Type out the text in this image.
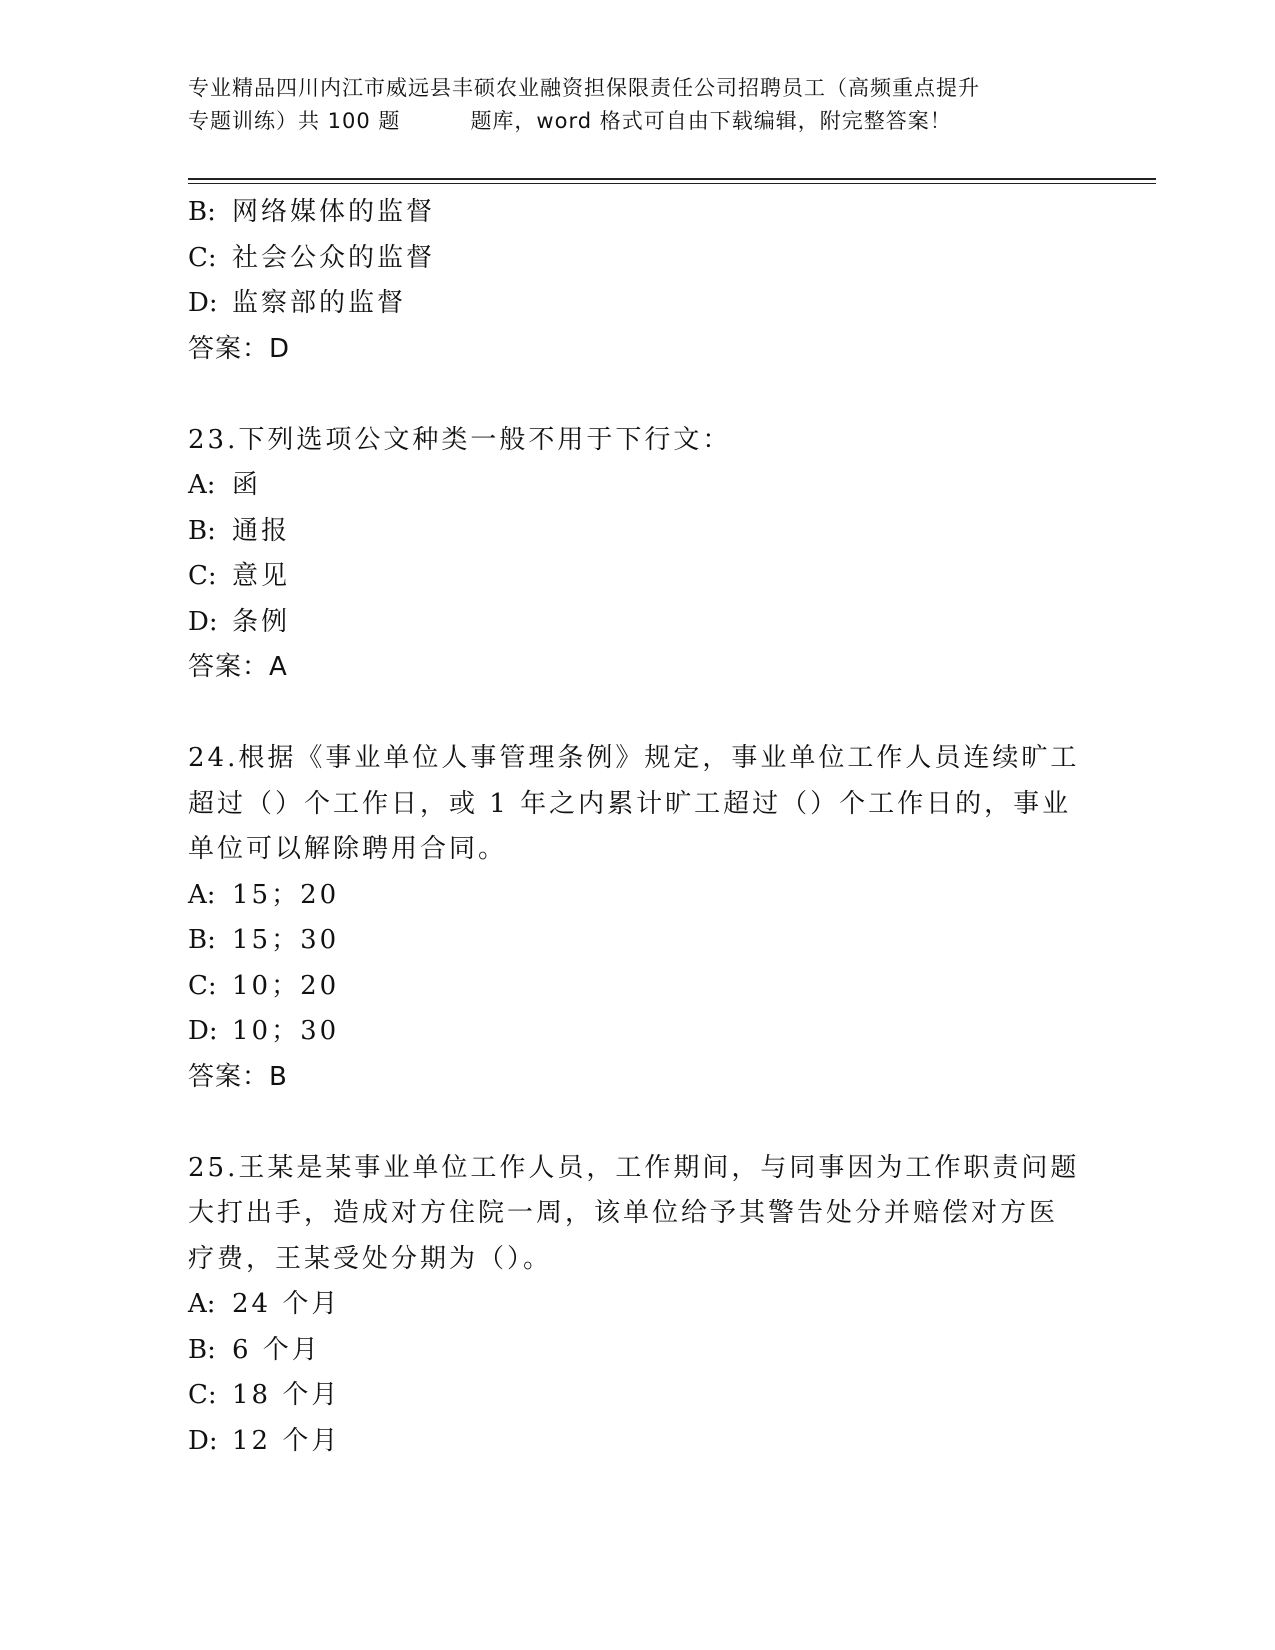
专业精品四川内江市威远县丰硕农业融资担保限责任公司招聘员工（高频重点提升
专题训练）共 100 题	题库，word 格式可自由下载编辑，附完整答案！
B: 网络媒体的监督
C: 社会公众的监督
D: 监察部的监督
答案：D
23.下列选项公文种类一般不用于下行文：
A: 函
B: 通报
C: 意见
D: 条例
答案：A
24.根据《事业单位人事管理条例》规定，事业单位工作人员连续旷工
超过（）个工作日，或 1 年之内累计旷工超过（）个工作日的，事业
单位可以解除聘用合同。
A: 15；20
B: 15；30
C: 10；20
D: 10；30
答案：B
25.王某是某事业单位工作人员，工作期间，与同事因为工作职责问题
大打出手，造成对方住院一周，该单位给予其警告处分并赔偿对方医
疗费，王某受处分期为（）。
A: 24 个月
B: 6 个月
C: 18 个月
D: 12 个月
